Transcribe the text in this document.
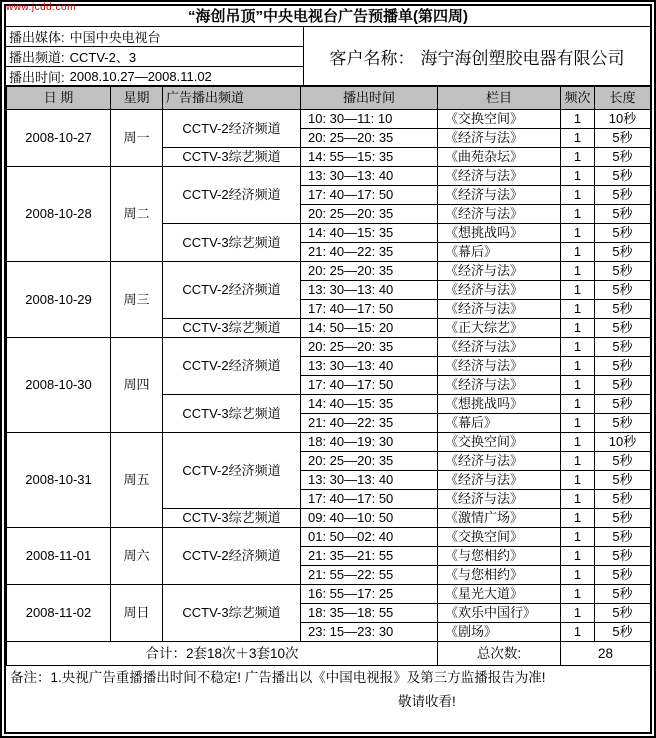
www.jcdd.com
“海创吊顶”中央电视台广告预播单(第四周)
播出媒体: 中国中央电视台
播出频道: CCTV-2、3
播出时间: 2008.10.27—2008.11.02
客户名称： 海宁海创塑胶电器有限公司
日 期	星期	广告播出频道	播出时间	栏目	频次	长度
2008-10-27	周一	CCTV-2经济频道	10: 30—11: 10	《交换空间》	1	10秒
			20: 25—20: 35	《经济与法》	1	5秒
		CCTV-3综艺频道	14: 55—15: 35	《曲苑杂坛》	1	5秒
2008-10-28	周二	CCTV-2经济频道	13: 30—13: 40	《经济与法》	1	5秒
			17: 40—17: 50	《经济与法》	1	5秒
			20: 25—20: 35	《经济与法》	1	5秒
		CCTV-3综艺频道	14: 40—15: 35	《想挑战吗》	1	5秒
			21: 40—22: 35	《幕后》	1	5秒
2008-10-29	周三	CCTV-2经济频道	20: 25—20: 35	《经济与法》	1	5秒
			13: 30—13: 40	《经济与法》	1	5秒
			17: 40—17: 50	《经济与法》	1	5秒
		CCTV-3综艺频道	14: 50—15: 20	《正大综艺》	1	5秒
2008-10-30	周四	CCTV-2经济频道	20: 25—20: 35	《经济与法》	1	5秒
			13: 30—13: 40	《经济与法》	1	5秒
			17: 40—17: 50	《经济与法》	1	5秒
		CCTV-3综艺频道	14: 40—15: 35	《想挑战吗》	1	5秒
			21: 40—22: 35	《幕后》	1	5秒
2008-10-31	周五	CCTV-2经济频道	18: 40—19: 30	《交换空间》	1	10秒
			20: 25—20: 35	《经济与法》	1	5秒
			13: 30—13: 40	《经济与法》	1	5秒
			17: 40—17: 50	《经济与法》	1	5秒
		CCTV-3综艺频道	09: 40—10: 50	《激情广场》	1	5秒
2008-11-01	周六	CCTV-2经济频道	01: 50—02: 40	《交换空间》	1	5秒
			21: 35—21: 55	《与您相约》	1	5秒
			21: 55—22: 55	《与您相约》	1	5秒
2008-11-02	周日	CCTV-3综艺频道	16: 55—17: 25	《星光大道》	1	5秒
			18: 35—18: 55	《欢乐中国行》	1	5秒
			23: 15—23: 30	《剧场》	1	5秒
合计：2套18次＋3套10次				总次数:	28	
备注：1.央视广告重播播出时间不稳定! 广告播出以《中国电视报》及第三方监播报告为准!
敬请收看!
